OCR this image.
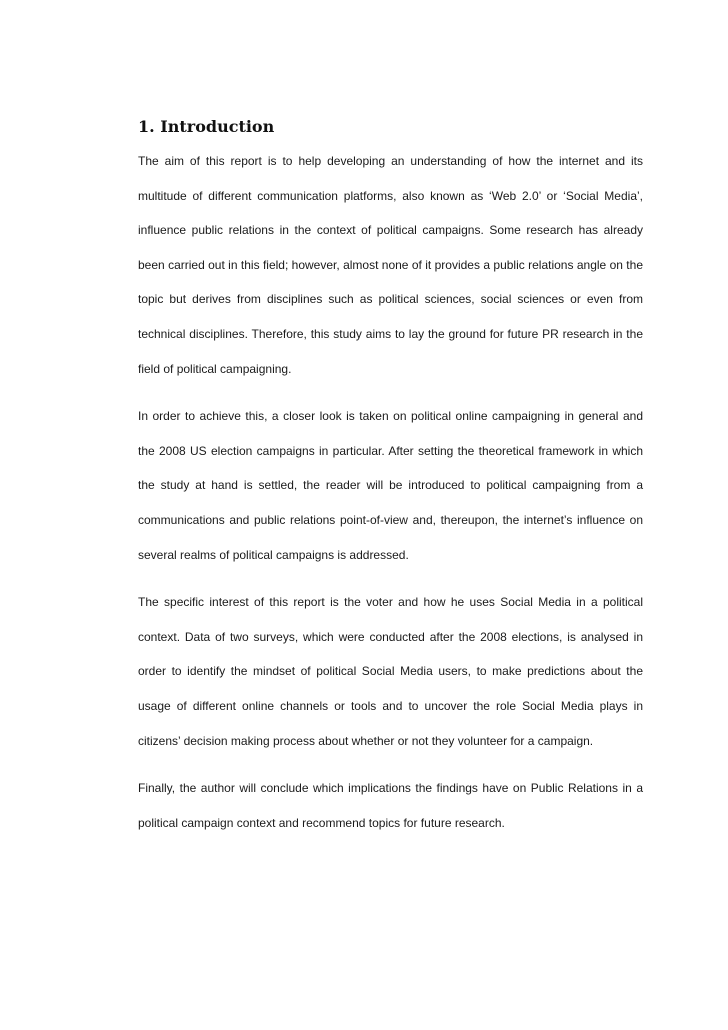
1. Introduction

The aim of this report is to help developing an understanding of how the internet and its multitude of different communication platforms, also known as ‘Web 2.0’ or ‘Social Media’, influence public relations in the context of political campaigns. Some research has already been carried out in this field; however, almost none of it provides a public relations angle on the topic but derives from disciplines such as political sciences, social sciences or even from technical disciplines. Therefore, this study aims to lay the ground for future PR research in the field of political campaigning.

In order to achieve this, a closer look is taken on political online campaigning in general and the 2008 US election campaigns in particular. After setting the theoretical framework in which the study at hand is settled, the reader will be introduced to political campaigning from a communications and public relations point-of-view and, thereupon, the internet’s influence on several realms of political campaigns is addressed.

The specific interest of this report is the voter and how he uses Social Media in a political context. Data of two surveys, which were conducted after the 2008 elections, is analysed in order to identify the mindset of political Social Media users, to make predictions about the usage of different online channels or tools and to uncover the role Social Media plays in citizens’ decision making process about whether or not they volunteer for a campaign.

Finally, the author will conclude which implications the findings have on Public Relations in a political campaign context and recommend topics for future research.
